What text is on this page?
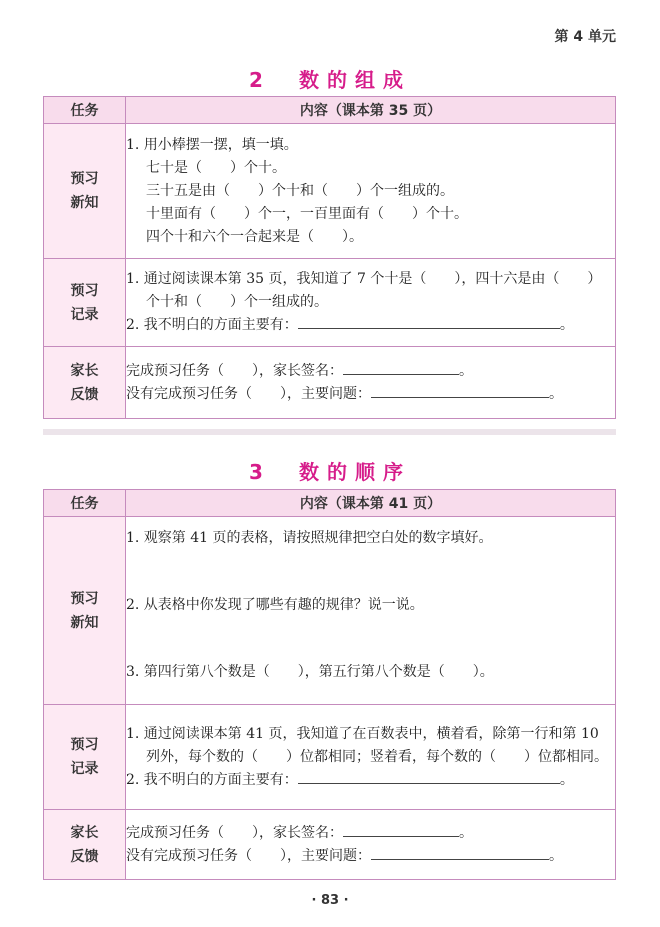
第 4 单元
2　数的组成
任务	内容（课本第 35 页）

预习
新知	1. 用小棒摆一摆，填一填。
七十是（　　）个十。
三十五是由（　　）个十和（　　）个一组成的。
十里面有（　　）个一，一百里面有（　　）个十。
四个十和六个一合起来是（　　）。

预习
记录	1. 通过阅读课本第 35 页，我知道了 7 个十是（　　），四十六是由（　　）个十和（　　）个一组成的。
2. 我不明白的方面主要有： 。

家长
反馈	完成预习任务（　　），家长签名： 。
没有完成预习任务（　　），主要问题： 。
3　数的顺序
任务	内容（课本第 41 页）

预习
新知	1. 观察第 41 页的表格，请按照规律把空白处的数字填好。
2. 从表格中你发现了哪些有趣的规律？说一说。
3. 第四行第八个数是（　　），第五行第八个数是（　　）。

预习
记录	1. 通过阅读课本第 41 页，我知道了在百数表中，横着看，除第一行和第 10 列外，每个数的（　　）位都相同；竖着看，每个数的（　　）位都相同。
2. 我不明白的方面主要有： 。

家长
反馈	完成预习任务（　　），家长签名： 。
没有完成预习任务（　　），主要问题： 。
· 83 ·
